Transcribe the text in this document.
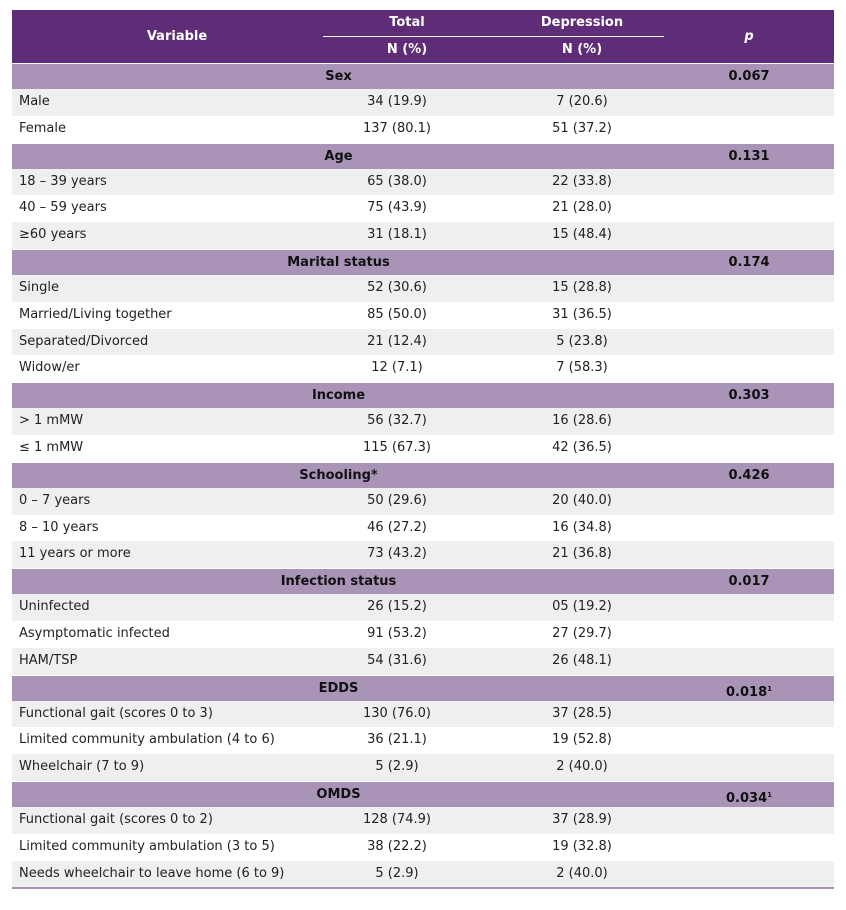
Variable
Total	Depression
N (%)	N (%)
p
Sex	0.067
Male	34 (19.9)	7 (20.6)
Female	137 (80.1)	51 (37.2)
Age	0.131
18 – 39 years	65 (38.0)	22 (33.8)
40 – 59 years	75 (43.9)	21 (28.0)
≥60 years	31 (18.1)	15 (48.4)
Marital status	0.174
Single	52 (30.6)	15 (28.8)
Married/Living together	85 (50.0)	31 (36.5)
Separated/Divorced	21 (12.4)	5 (23.8)
Widow/er	12 (7.1)	7 (58.3)
Income	0.303
> 1 mMW	56 (32.7)	16 (28.6)
≤ 1 mMW	115 (67.3)	42 (36.5)
Schooling*	0.426
0 – 7 years	50 (29.6)	20 (40.0)
8 – 10 years	46 (27.2)	16 (34.8)
11 years or more	73 (43.2)	21 (36.8)
Infection status	0.017
Uninfected	26 (15.2)	05 (19.2)
Asymptomatic infected	91 (53.2)	27 (29.7)
HAM/TSP	54 (31.6)	26 (48.1)
EDDS	0.018$^1$
Functional gait (scores 0 to 3)	130 (76.0)	37 (28.5)
Limited community ambulation (4 to 6)	36 (21.1)	19 (52.8)
Wheelchair (7 to 9)	5 (2.9)	2 (40.0)
OMDS	0.034$^1$
Functional gait (scores 0 to 2)	128 (74.9)	37 (28.9)
Limited community ambulation (3 to 5)	38 (22.2)	19 (32.8)
Needs wheelchair to leave home (6 to 9)	5 (2.9)	2 (40.0)
